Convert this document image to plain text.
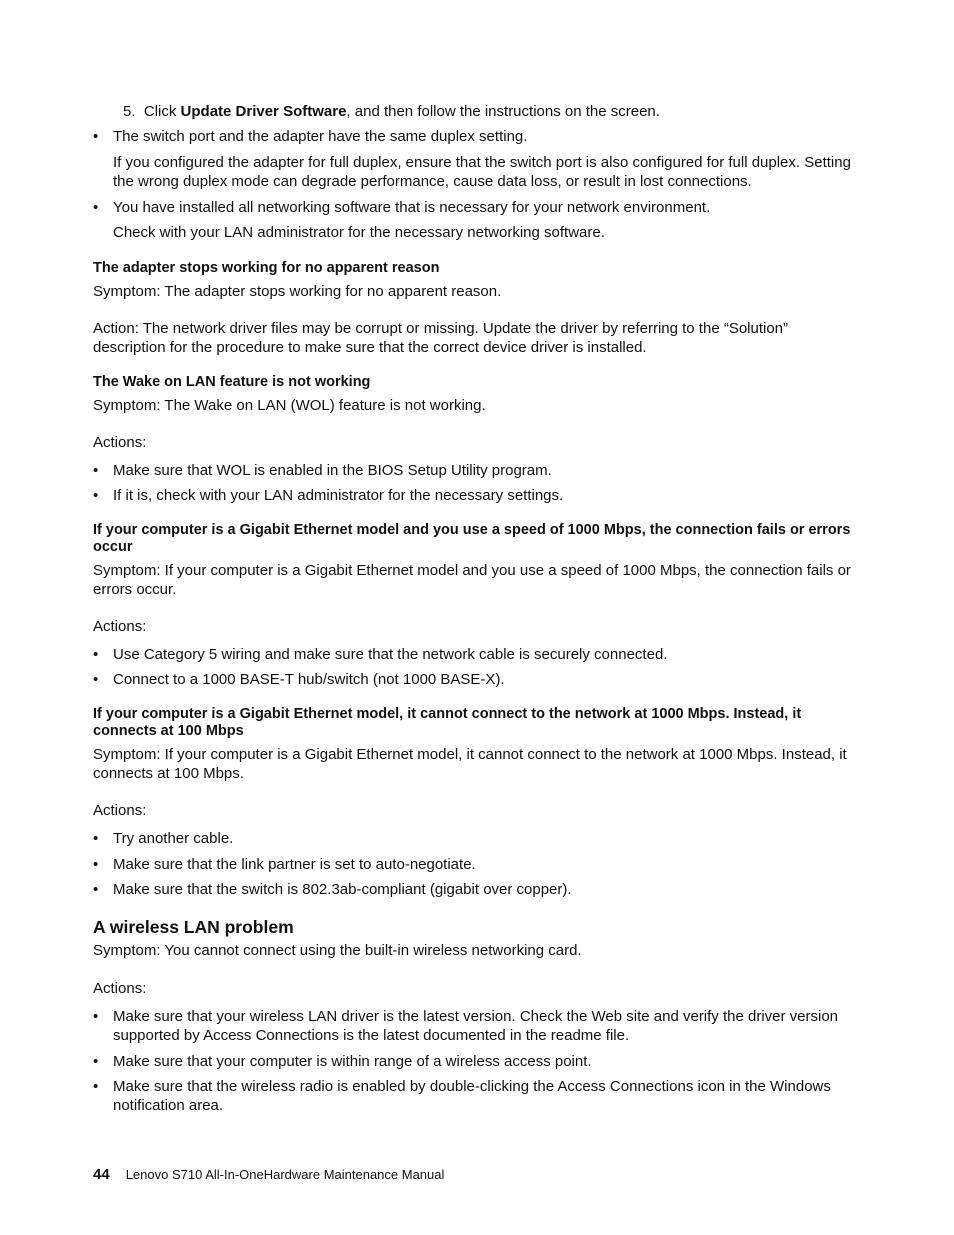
5. Click Update Driver Software, and then follow the instructions on the screen.

• The switch port and the adapter have the same duplex setting.

If you configured the adapter for full duplex, ensure that the switch port is also configured for full duplex. Setting the wrong duplex mode can degrade performance, cause data loss, or result in lost connections.

• You have installed all networking software that is necessary for your network environment.

Check with your LAN administrator for the necessary networking software.

The adapter stops working for no apparent reason

Symptom: The adapter stops working for no apparent reason.

Action: The network driver files may be corrupt or missing. Update the driver by referring to the “Solution” description for the procedure to make sure that the correct device driver is installed.

The Wake on LAN feature is not working

Symptom: The Wake on LAN (WOL) feature is not working.

Actions:

• Make sure that WOL is enabled in the BIOS Setup Utility program.

• If it is, check with your LAN administrator for the necessary settings.

If your computer is a Gigabit Ethernet model and you use a speed of 1000 Mbps, the connection fails or errors occur

Symptom: If your computer is a Gigabit Ethernet model and you use a speed of 1000 Mbps, the connection fails or errors occur.

Actions:

• Use Category 5 wiring and make sure that the network cable is securely connected.

• Connect to a 1000 BASE-T hub/switch (not 1000 BASE-X).

If your computer is a Gigabit Ethernet model, it cannot connect to the network at 1000 Mbps. Instead, it connects at 100 Mbps

Symptom: If your computer is a Gigabit Ethernet model, it cannot connect to the network at 1000 Mbps. Instead, it connects at 100 Mbps.

Actions:

• Try another cable.

• Make sure that the link partner is set to auto-negotiate.

• Make sure that the switch is 802.3ab-compliant (gigabit over copper).

A wireless LAN problem

Symptom: You cannot connect using the built-in wireless networking card.

Actions:

• Make sure that your wireless LAN driver is the latest version. Check the Web site and verify the driver version supported by Access Connections is the latest documented in the readme file.

• Make sure that your computer is within range of a wireless access point.

• Make sure that the wireless radio is enabled by double-clicking the Access Connections icon in the Windows notification area.

44 Lenovo S710 All-In-OneHardware Maintenance Manual
